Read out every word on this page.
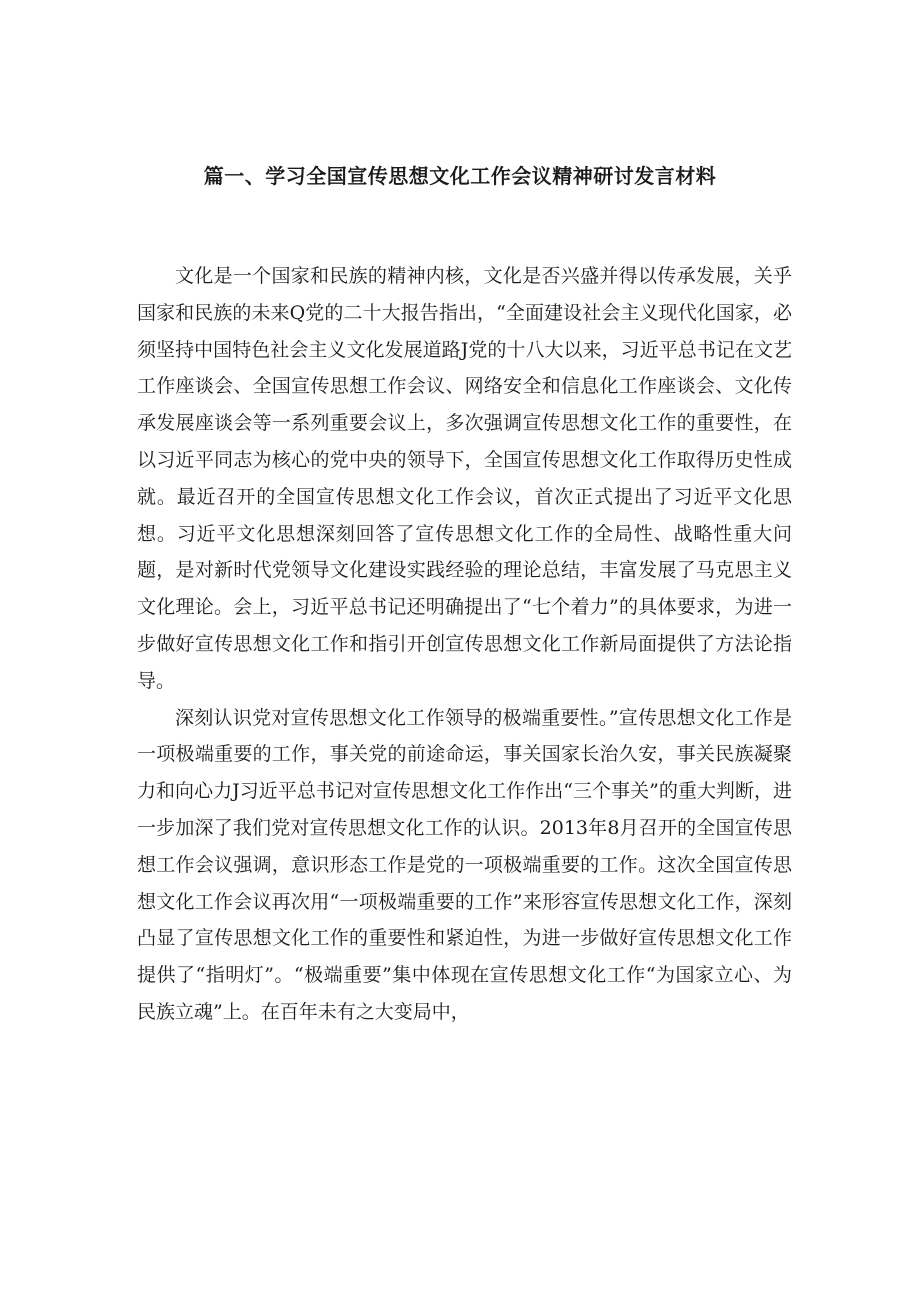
篇一、学习全国宣传思想文化工作会议精神研讨发言材料

文化是一个国家和民族的精神内核，文化是否兴盛并得以传承发展，关乎国家和民族的未来Q党的二十大报告指出，“全面建设社会主义现代化国家，必须坚持中国特色社会主义文化发展道路J党的十八大以来，习近平总书记在文艺工作座谈会、全国宣传思想工作会议、网络安全和信息化工作座谈会、文化传承发展座谈会等一系列重要会议上，多次强调宣传思想文化工作的重要性，在以习近平同志为核心的党中央的领导下，全国宣传思想文化工作取得历史性成就。最近召开的全国宣传思想文化工作会议，首次正式提出了习近平文化思想。习近平文化思想深刻回答了宣传思想文化工作的全局性、战略性重大问题，是对新时代党领导文化建设实践经验的理论总结，丰富发展了马克思主义文化理论。会上，习近平总书记还明确提出了“七个着力”的具体要求，为进一步做好宣传思想文化工作和指引开创宣传思想文化工作新局面提供了方法论指导。

深刻认识党对宣传思想文化工作领导的极端重要性。”宣传思想文化工作是一项极端重要的工作，事关党的前途命运，事关国家长治久安，事关民族凝聚力和向心力J习近平总书记对宣传思想文化工作作出“三个事关”的重大判断，进一步加深了我们党对宣传思想文化工作的认识。2013年8月召开的全国宣传思想工作会议强调，意识形态工作是党的一项极端重要的工作。这次全国宣传思想文化工作会议再次用“一项极端重要的工作”来形容宣传思想文化工作，深刻凸显了宣传思想文化工作的重要性和紧迫性，为进一步做好宣传思想文化工作提供了“指明灯”。“极端重要”集中体现在宣传思想文化工作“为国家立心、为民族立魂”上。在百年未有之大变局中，
